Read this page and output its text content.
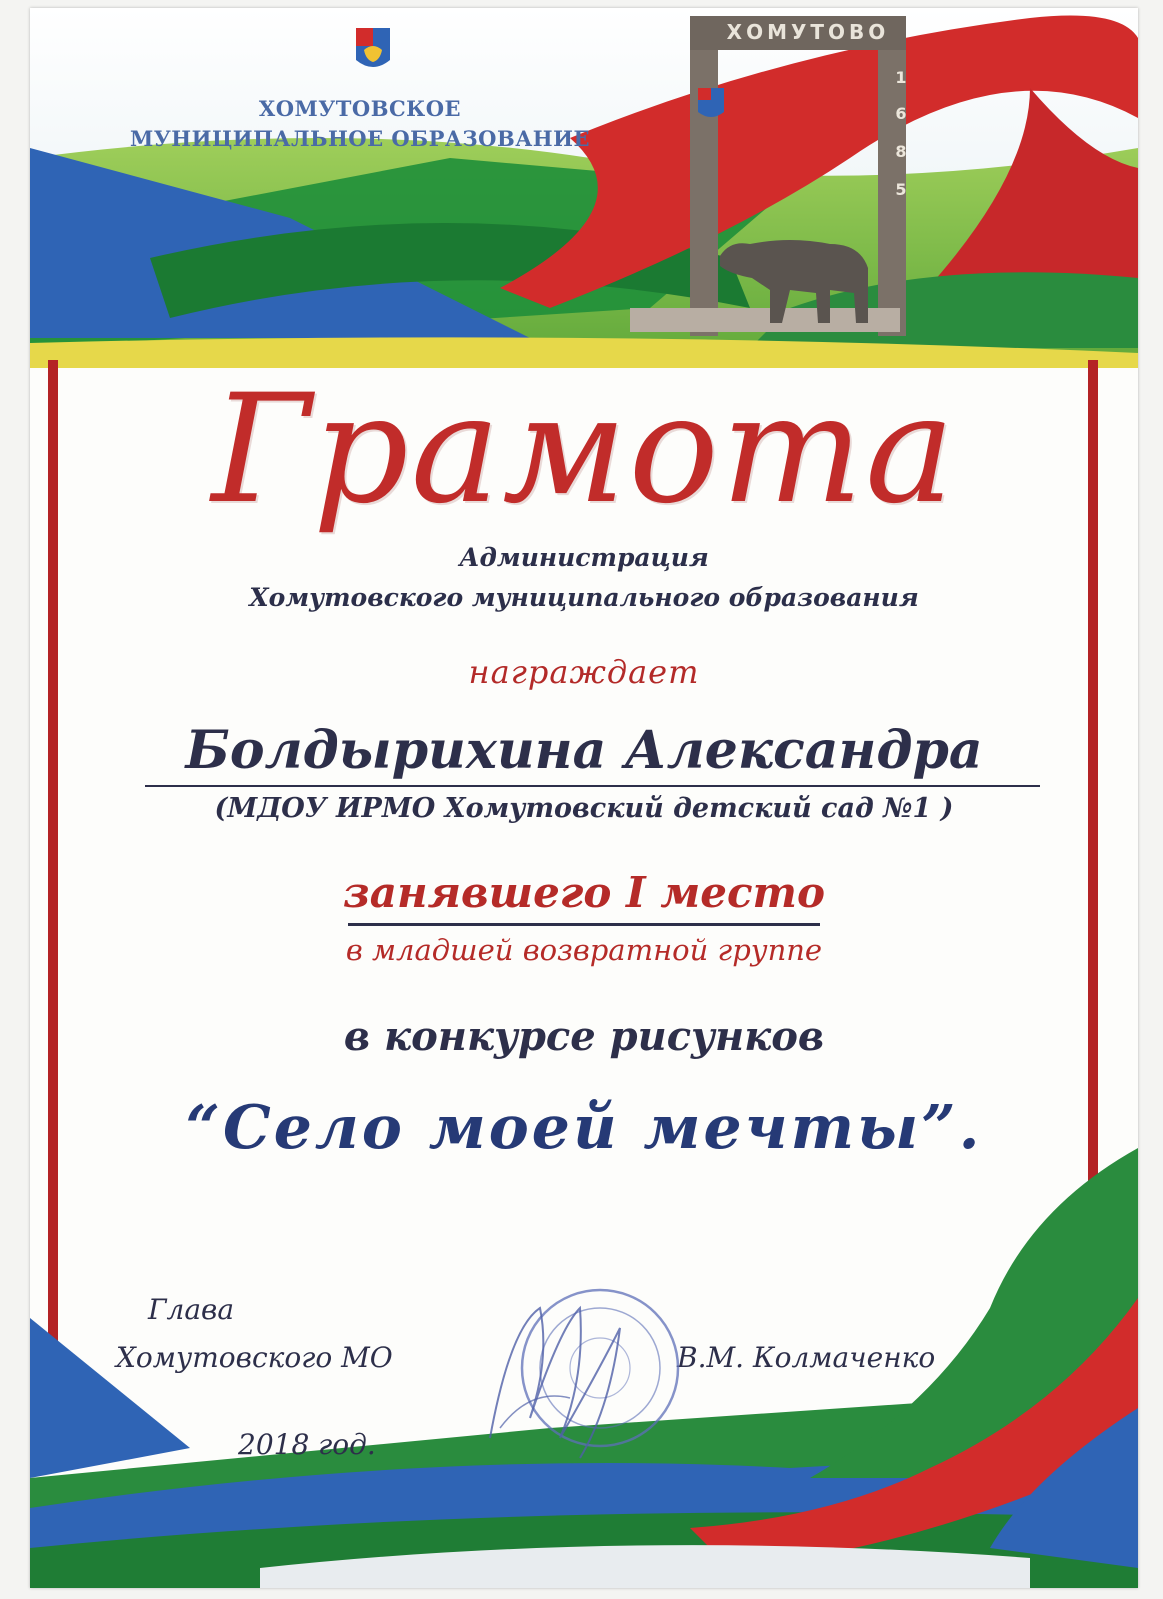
ХОМУТОВСКОЕ
МУНИЦИПАЛЬНОЕ ОБРАЗОВАНИЕ
ХОМУТОВО
1
6
8
5
Грамота
Администрация
Хомутовского муниципального образования
награждает
Болдырихина Александра
(МДОУ ИРМО Хомутовский детский сад №1 )
занявшего I место
в младшей возвратной группе
в конкурсе рисунков
“Село моей мечты”.
Глава
Хомутовского МО	В.М. Колмаченко
2018 год.
